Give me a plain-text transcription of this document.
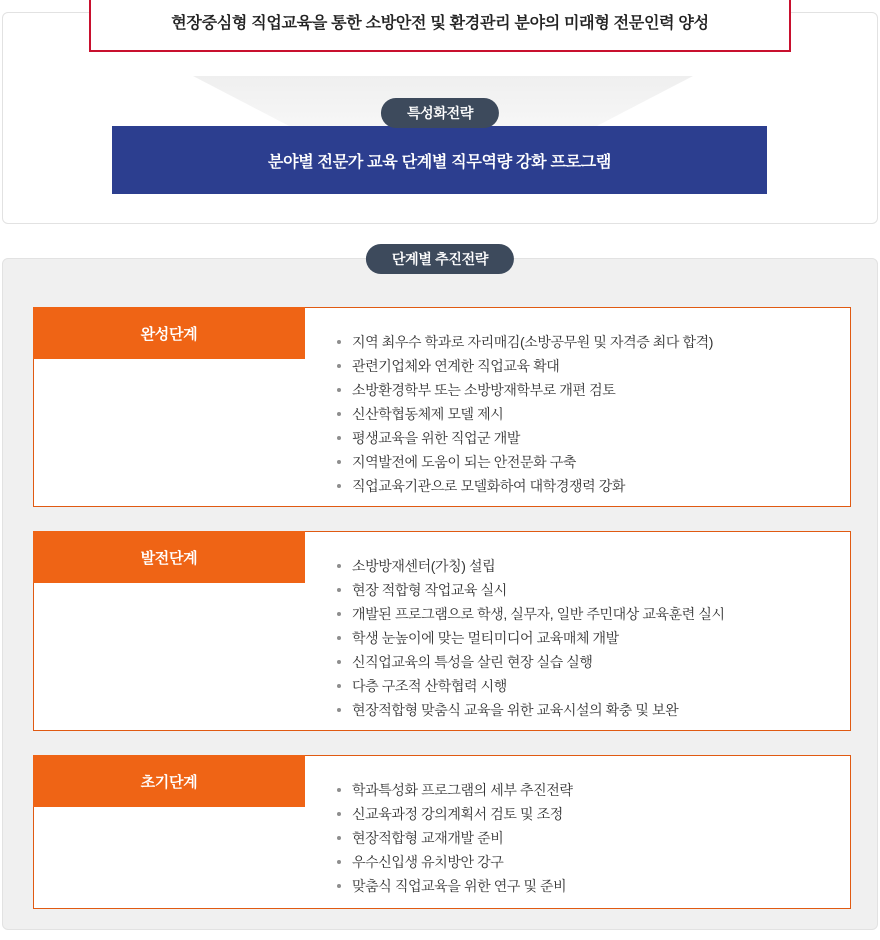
현장중심형 직업교육을 통한 소방안전 및 환경관리 분야의 미래형 전문인력 양성
특성화전략
분야별 전문가 교육 단계별 직무역량 강화 프로그램
단계별 추진전략
완성단계	지역 최우수 학과로 자리매김(소방공무원 및 자격증 최다 합격)
관련기업체와 연계한 직업교육 확대
소방환경학부 또는 소방방재학부로 개편 검토
신산학협동체제 모델 제시
평생교육을 위한 직업군 개발
지역발전에 도움이 되는 안전문화 구축
직업교육기관으로 모델화하여 대학경쟁력 강화
발전단계	소방방재센터(가칭) 설립
현장 적합형 작업교육 실시
개발된 프로그램으로 학생, 실무자, 일반 주민대상 교육훈련 실시
학생 눈높이에 맞는 멀티미디어 교육매체 개발
신직업교육의 특성을 살린 현장 실습 실행
다층 구조적 산학협력 시행
현장적합형 맞춤식 교육을 위한 교육시설의 확충 및 보완
초기단계	학과특성화 프로그램의 세부 추진전략
신교육과정 강의계획서 검토 및 조정
현장적합형 교재개발 준비
우수신입생 유치방안 강구
맞춤식 직업교육을 위한 연구 및 준비
